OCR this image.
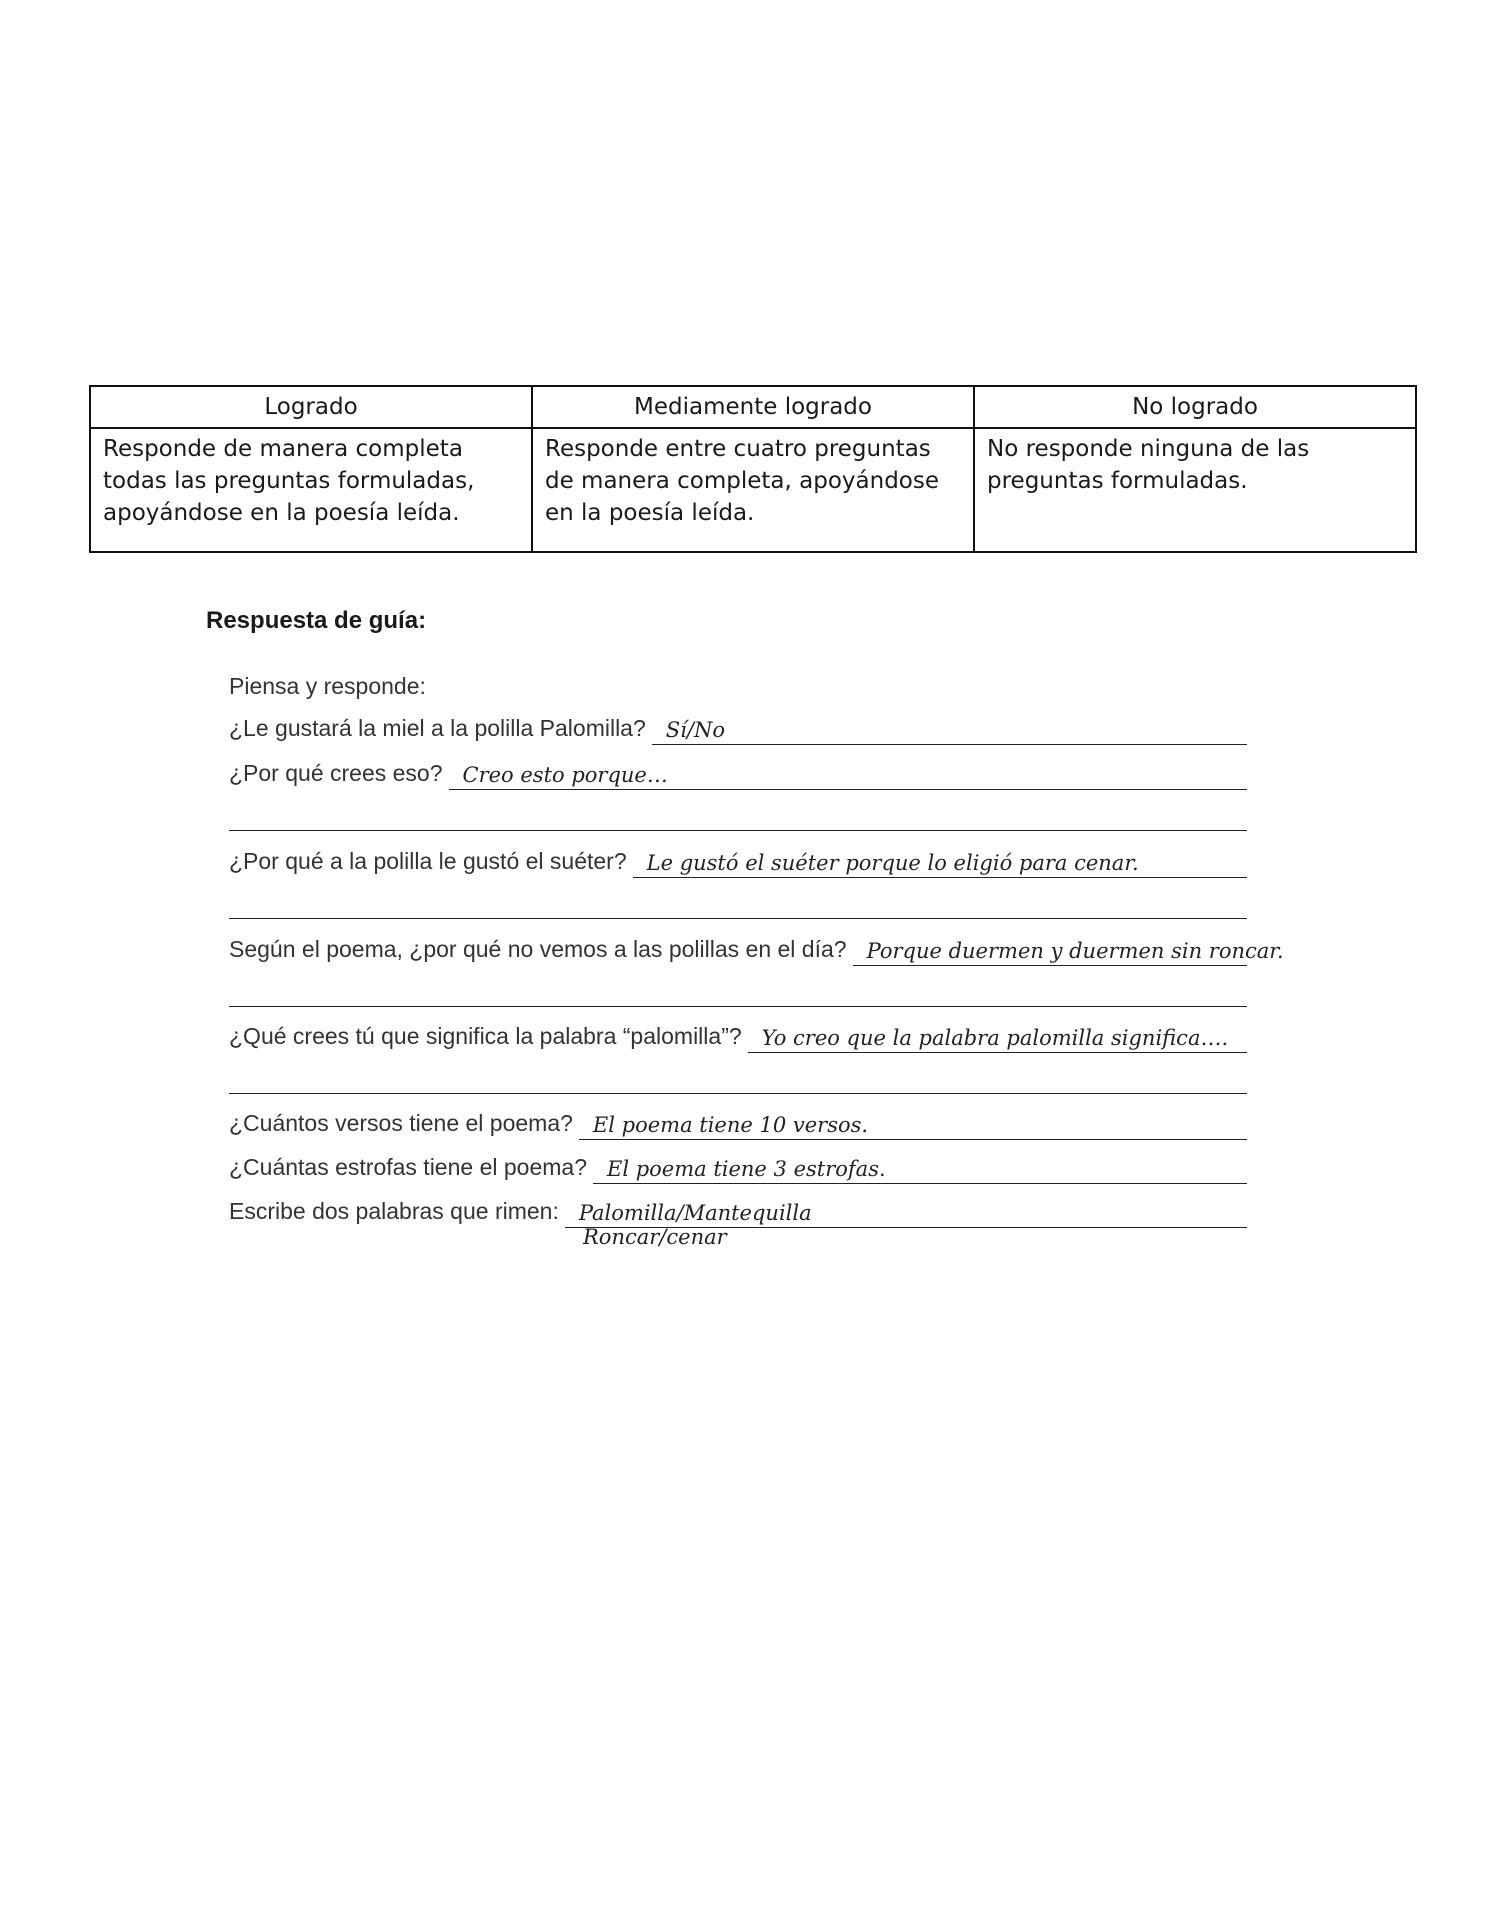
Logrado	Mediamente logrado	No logrado
Responde de manera completa todas las preguntas formuladas, apoyándose en la poesía leída.	Responde entre cuatro preguntas de manera completa, apoyándose en la poesía leída.	No responde ninguna de las preguntas formuladas.
Respuesta de guía:
Piensa y responde:
¿Le gustará la miel a la polilla Palomilla? Sí/No
¿Por qué crees eso? Creo esto porque…
¿Por qué a la polilla le gustó el suéter? Le gustó el suéter porque lo eligió para cenar.
Según el poema, ¿por qué no vemos a las polillas en el día? Porque duermen y duermen sin roncar.
¿Qué crees tú que significa la palabra “palomilla”? Yo creo que la palabra palomilla significa….
¿Cuántos versos tiene el poema? El poema tiene 10 versos.
¿Cuántas estrofas tiene el poema? El poema tiene 3 estrofas.
Escribe dos palabras que rimen: Palomilla/Mantequilla
Roncar/cenar
